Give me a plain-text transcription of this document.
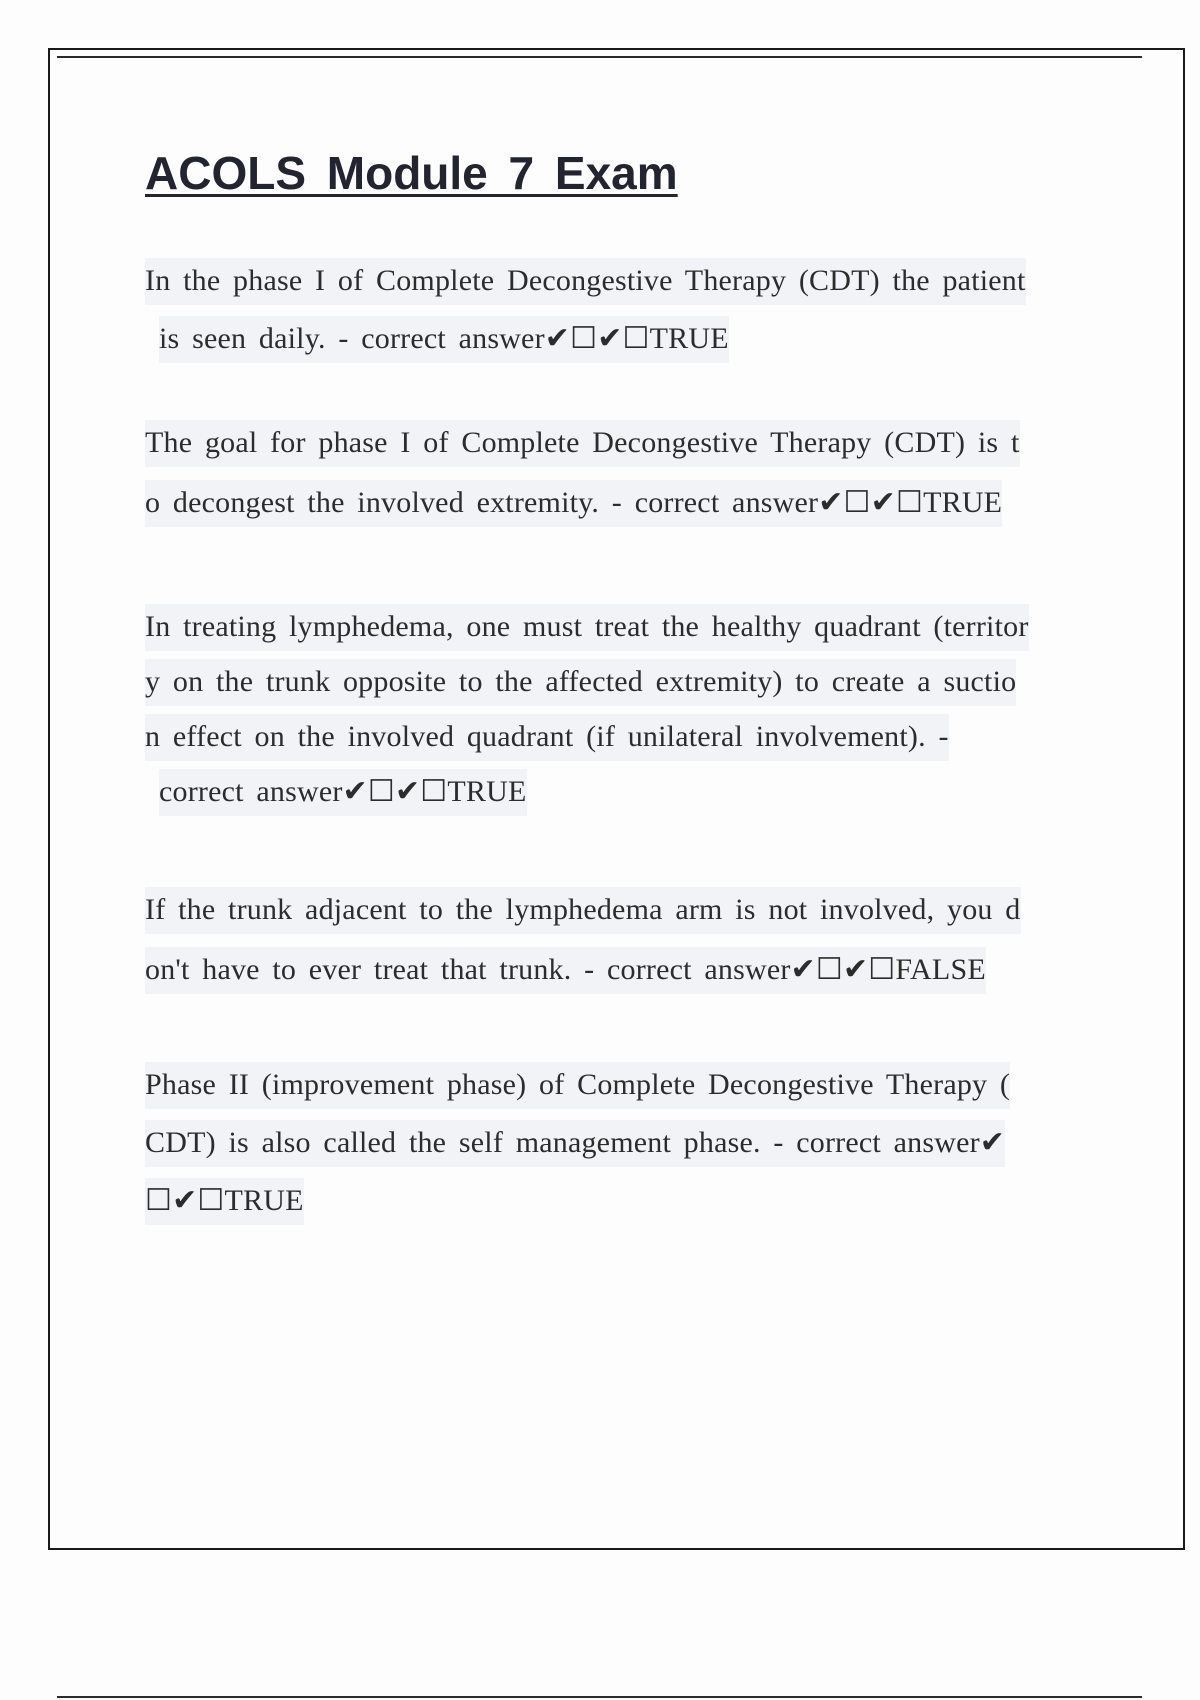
ACOLS Module 7 Exam

In the phase I of Complete Decongestive Therapy (CDT) the patient
is seen daily. - correct answer✔☐✔☐TRUE

The goal for phase I of Complete Decongestive Therapy (CDT) is t
o decongest the involved extremity. - correct answer✔☐✔☐TRUE

In treating lymphedema, one must treat the healthy quadrant (territor
y on the trunk opposite to the affected extremity) to create a suctio
n effect on the involved quadrant (if unilateral involvement). -
correct answer✔☐✔☐TRUE

If the trunk adjacent to the lymphedema arm is not involved, you d
on't have to ever treat that trunk. - correct answer✔☐✔☐FALSE

Phase II (improvement phase) of Complete Decongestive Therapy (
CDT) is also called the self management phase. - correct answer✔
☐✔☐TRUE
